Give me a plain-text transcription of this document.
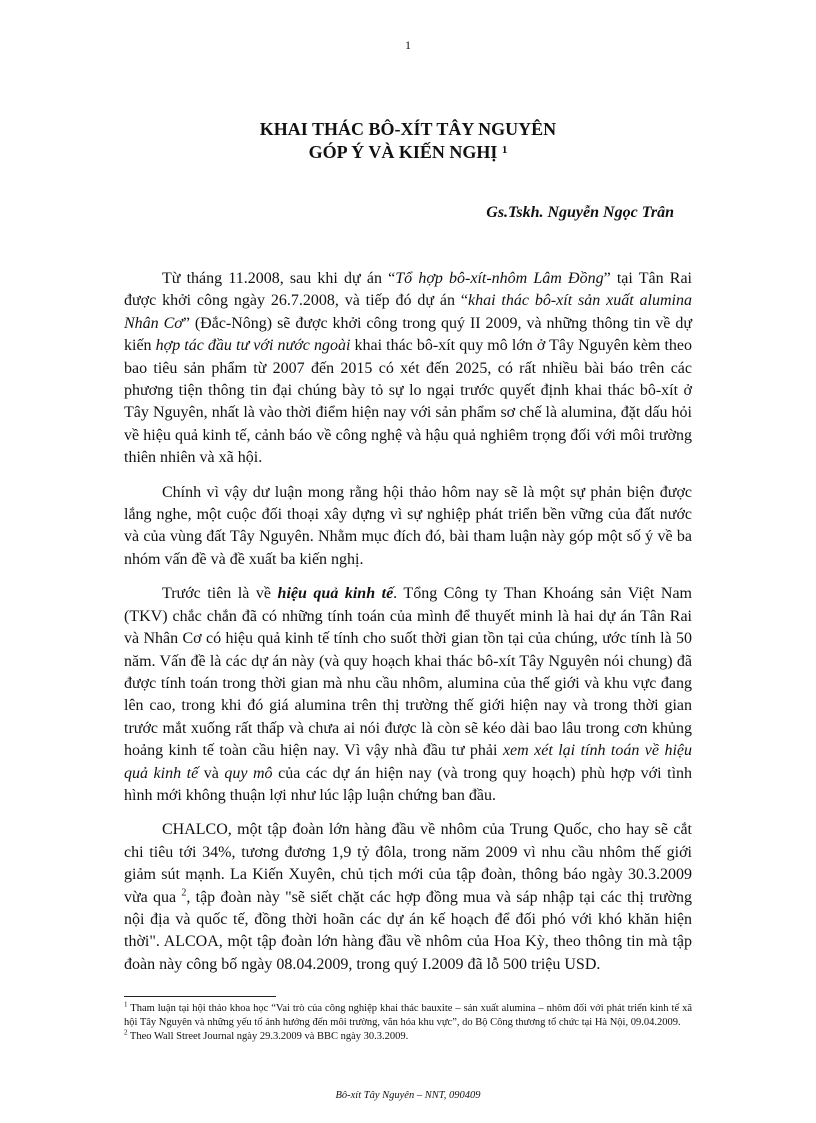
1
KHAI THÁC BÔ-XÍT TÂY NGUYÊN
GÓP Ý VÀ KIẾN NGHỊ $^1$
Gs.Tskh. Nguyễn Ngọc Trân

Từ tháng 11.2008, sau khi dự án “Tổ hợp bô-xít-nhôm Lâm Đồng” tại Tân Rai được khởi công ngày 26.7.2008, và tiếp đó dự án “khai thác bô-xít sản xuất alumina Nhân Cơ” (Đắc-Nông) sẽ được khởi công trong quý II 2009, và những thông tin về dự kiến hợp tác đầu tư với nước ngoài khai thác bô-xít quy mô lớn ở Tây Nguyên kèm theo bao tiêu sản phẩm từ 2007 đến 2015 có xét đến 2025, có rất nhiều bài báo trên các phương tiện thông tin đại chúng bày tỏ sự lo ngại trước quyết định khai thác bô-xít ở Tây Nguyên, nhất là vào thời điểm hiện nay với sản phẩm sơ chế là alumina, đặt dấu hỏi về hiệu quả kinh tế, cảnh báo về công nghệ và hậu quả nghiêm trọng đối với môi trường thiên nhiên và xã hội.

Chính vì vậy dư luận mong rằng hội thảo hôm nay sẽ là một sự phản biện được lắng nghe, một cuộc đối thoại xây dựng vì sự nghiệp phát triển bền vững của đất nước và của vùng đất Tây Nguyên. Nhằm mục đích đó, bài tham luận này góp một số ý về ba nhóm vấn đề và đề xuất ba kiến nghị.

Trước tiên là về hiệu quả kinh tế. Tổng Công ty Than Khoáng sản Việt Nam (TKV) chắc chắn đã có những tính toán của mình để thuyết minh là hai dự án Tân Rai và Nhân Cơ có hiệu quả kinh tế tính cho suốt thời gian tồn tại của chúng, ước tính là 50 năm. Vấn đề là các dự án này (và quy hoạch khai thác bô-xít Tây Nguyên nói chung) đã được tính toán trong thời gian mà nhu cầu nhôm, alumina của thế giới và khu vực đang lên cao, trong khi đó giá alumina trên thị trường thế giới hiện nay và trong thời gian trước mắt xuống rất thấp và chưa ai nói được là còn sẽ kéo dài bao lâu trong cơn khủng hoảng kinh tế toàn cầu hiện nay. Vì vậy nhà đầu tư phải xem xét lại tính toán về hiệu quả kinh tế và quy mô của các dự án hiện nay (và trong quy hoạch) phù hợp với tình hình mới không thuận lợi như lúc lập luận chứng ban đầu.

CHALCO, một tập đoàn lớn hàng đầu về nhôm của Trung Quốc, cho hay sẽ cắt chi tiêu tới 34%, tương đương 1,9 tỷ đôla, trong năm 2009 vì nhu cầu nhôm thế giới giảm sút mạnh. La Kiến Xuyên, chủ tịch mới của tập đoàn, thông báo ngày 30.3.2009 vừa qua $^2$, tập đoàn này "sẽ siết chặt các hợp đồng mua và sáp nhập tại các thị trường nội địa và quốc tế, đồng thời hoãn các dự án kế hoạch để đối phó với khó khăn hiện thời". ALCOA, một tập đoàn lớn hàng đầu về nhôm của Hoa Kỳ, theo thông tin mà tập đoàn này công bố ngày 08.04.2009, trong quý I.2009 đã lỗ 500 triệu USD.

$^1$ Tham luận tại hội thảo khoa học “Vai trò của công nghiệp khai thác bauxite – sản xuất alumina – nhôm đối với phát triển kinh tế xã hội Tây Nguyên và những yếu tố ảnh hưởng đến môi trường, văn hóa khu vực”, do Bộ Công thương tổ chức tại Hà Nội, 09.04.2009.

$^2$ Theo Wall Street Journal ngày 29.3.2009 và BBC ngày 30.3.2009.

Bô-xít Tây Nguyên – NNT, 090409
